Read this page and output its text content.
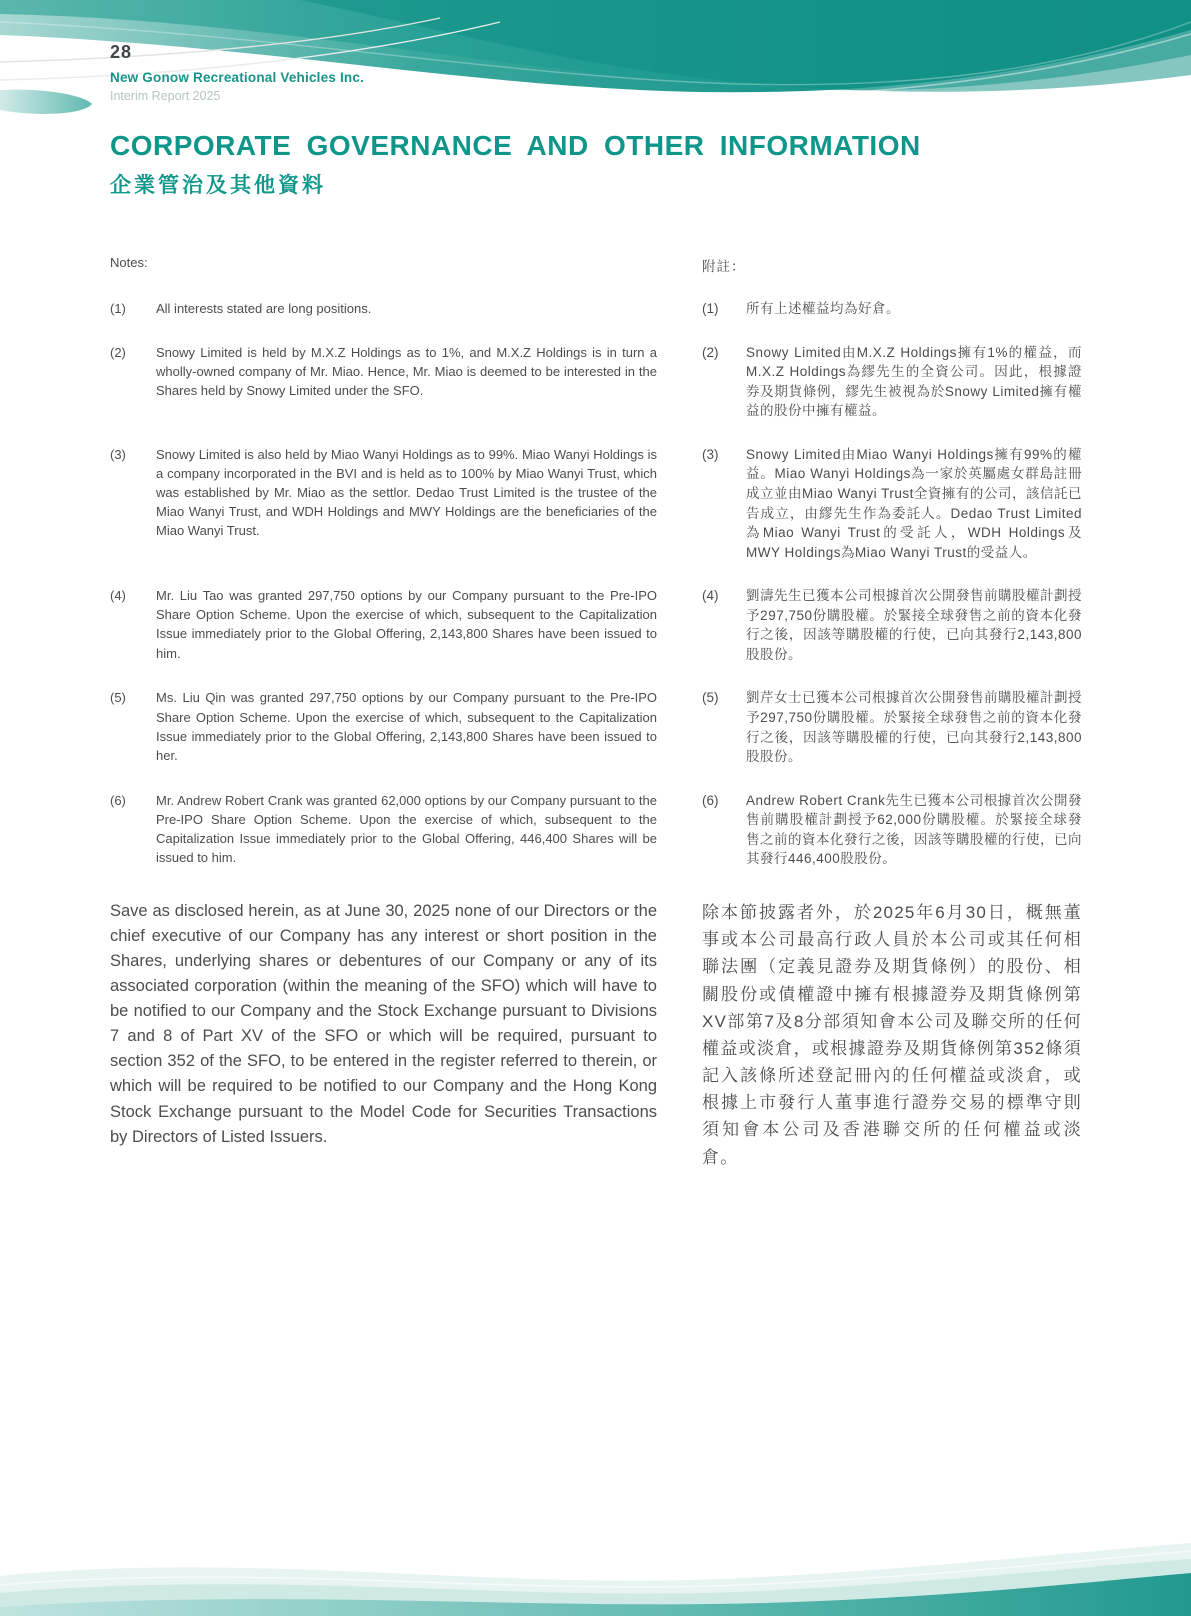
28
New Gonow Recreational Vehicles Inc.
Interim Report 2025
CORPORATE GOVERNANCE AND OTHER INFORMATION
企業管治及其他資料
Notes:	附註：
(1)	All interests stated are long positions.	(1)	所有上述權益均為好倉。
(2)	Snowy Limited is held by M.X.Z Holdings as to 1%, and M.X.Z Holdings is in turn a wholly-owned company of Mr. Miao. Hence, Mr. Miao is deemed to be interested in the Shares held by Snowy Limited under the SFO.
(2)	Snowy Limited由M.X.Z Holdings擁有1%的權益，而M.X.Z Holdings為繆先生的全資公司。因此，根據證券及期貨條例，繆先生被視為於Snowy Limited擁有權益的股份中擁有權益。
(3)	Snowy Limited is also held by Miao Wanyi Holdings as to 99%. Miao Wanyi Holdings is a company incorporated in the BVI and is held as to 100% by Miao Wanyi Trust, which was established by Mr. Miao as the settlor. Dedao Trust Limited is the trustee of the Miao Wanyi Trust, and WDH Holdings and MWY Holdings are the beneficiaries of the Miao Wanyi Trust.
(3)	Snowy Limited由Miao Wanyi Holdings擁有99%的權益。Miao Wanyi Holdings為一家於英屬處女群島註冊成立並由Miao Wanyi Trust全資擁有的公司，該信託已告成立，由繆先生作為委託人。Dedao Trust Limited為Miao Wanyi Trust的受託人，WDH Holdings及MWY Holdings為Miao Wanyi Trust的受益人。
(4)	Mr. Liu Tao was granted 297,750 options by our Company pursuant to the Pre-IPO Share Option Scheme. Upon the exercise of which, subsequent to the Capitalization Issue immediately prior to the Global Offering, 2,143,800 Shares have been issued to him.
(4)	劉濤先生已獲本公司根據首次公開發售前購股權計劃授予297,750份購股權。於緊接全球發售之前的資本化發行之後，因該等購股權的行使，已向其發行2,143,800股股份。
(5)	Ms. Liu Qin was granted 297,750 options by our Company pursuant to the Pre-IPO Share Option Scheme. Upon the exercise of which, subsequent to the Capitalization Issue immediately prior to the Global Offering, 2,143,800 Shares have been issued to her.
(5)	劉芹女士已獲本公司根據首次公開發售前購股權計劃授予297,750份購股權。於緊接全球發售之前的資本化發行之後，因該等購股權的行使，已向其發行2,143,800股股份。
(6)	Mr. Andrew Robert Crank was granted 62,000 options by our Company pursuant to the Pre-IPO Share Option Scheme. Upon the exercise of which, subsequent to the Capitalization Issue immediately prior to the Global Offering, 446,400 Shares will be issued to him.
(6)	Andrew Robert Crank先生已獲本公司根據首次公開發售前購股權計劃授予62,000份購股權。於緊接全球發售之前的資本化發行之後，因該等購股權的行使，已向其發行446,400股股份。

Save as disclosed herein, as at June 30, 2025 none of our Directors or the chief executive of our Company has any interest or short position in the Shares, underlying shares or debentures of our Company or any of its associated corporation (within the meaning of the SFO) which will have to be notified to our Company and the Stock Exchange pursuant to Divisions 7 and 8 of Part XV of the SFO or which will be required, pursuant to section 352 of the SFO, to be entered in the register referred to therein, or which will be required to be notified to our Company and the Hong Kong Stock Exchange pursuant to the Model Code for Securities Transactions by Directors of Listed Issuers.

除本節披露者外，於2025年6月30日，概無董事或本公司最高行政人員於本公司或其任何相聯法團（定義見證券及期貨條例）的股份、相關股份或債權證中擁有根據證券及期貨條例第XV部第7及8分部須知會本公司及聯交所的任何權益或淡倉，或根據證券及期貨條例第352條須記入該條所述登記冊內的任何權益或淡倉，或根據上市發行人董事進行證券交易的標準守則須知會本公司及香港聯交所的任何權益或淡倉。
